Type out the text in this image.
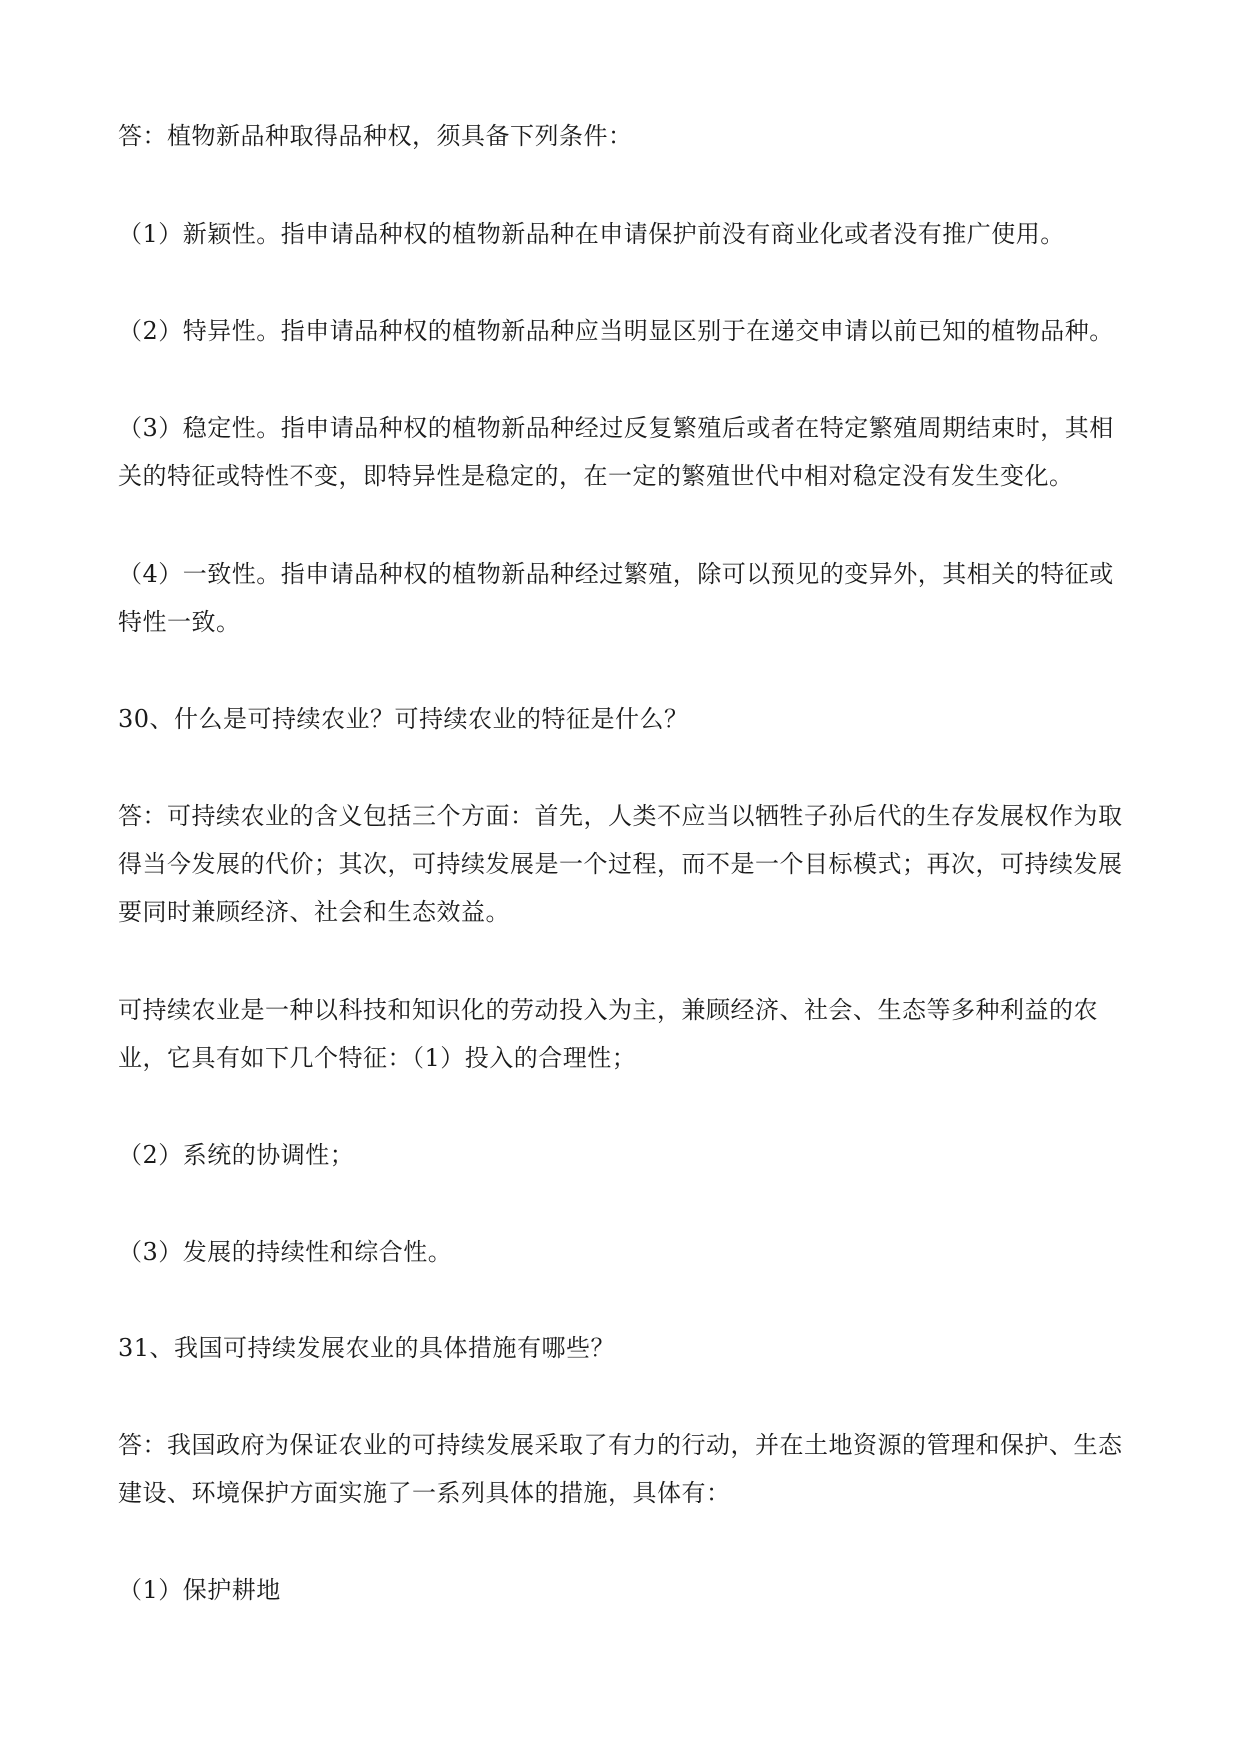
答：植物新品种取得品种权，须具备下列条件：

（1）新颖性。指申请品种权的植物新品种在申请保护前没有商业化或者没有推广使用。

（2）特异性。指申请品种权的植物新品种应当明显区别于在递交申请以前已知的植物品种。

（3）稳定性。指申请品种权的植物新品种经过反复繁殖后或者在特定繁殖周期结束时，其相关的特征或特性不变，即特异性是稳定的，在一定的繁殖世代中相对稳定没有发生变化。

（4）一致性。指申请品种权的植物新品种经过繁殖，除可以预见的变异外，其相关的特征或特性一致。

30、什么是可持续农业？可持续农业的特征是什么？

答：可持续农业的含义包括三个方面：首先，人类不应当以牺牲子孙后代的生存发展权作为取得当今发展的代价；其次，可持续发展是一个过程，而不是一个目标模式；再次，可持续发展要同时兼顾经济、社会和生态效益。

可持续农业是一种以科技和知识化的劳动投入为主，兼顾经济、社会、生态等多种利益的农业，它具有如下几个特征：（1）投入的合理性；

（2）系统的协调性；

（3）发展的持续性和综合性。

31、我国可持续发展农业的具体措施有哪些？

答：我国政府为保证农业的可持续发展采取了有力的行动，并在土地资源的管理和保护、生态建设、环境保护方面实施了一系列具体的措施，具体有：

（1）保护耕地
